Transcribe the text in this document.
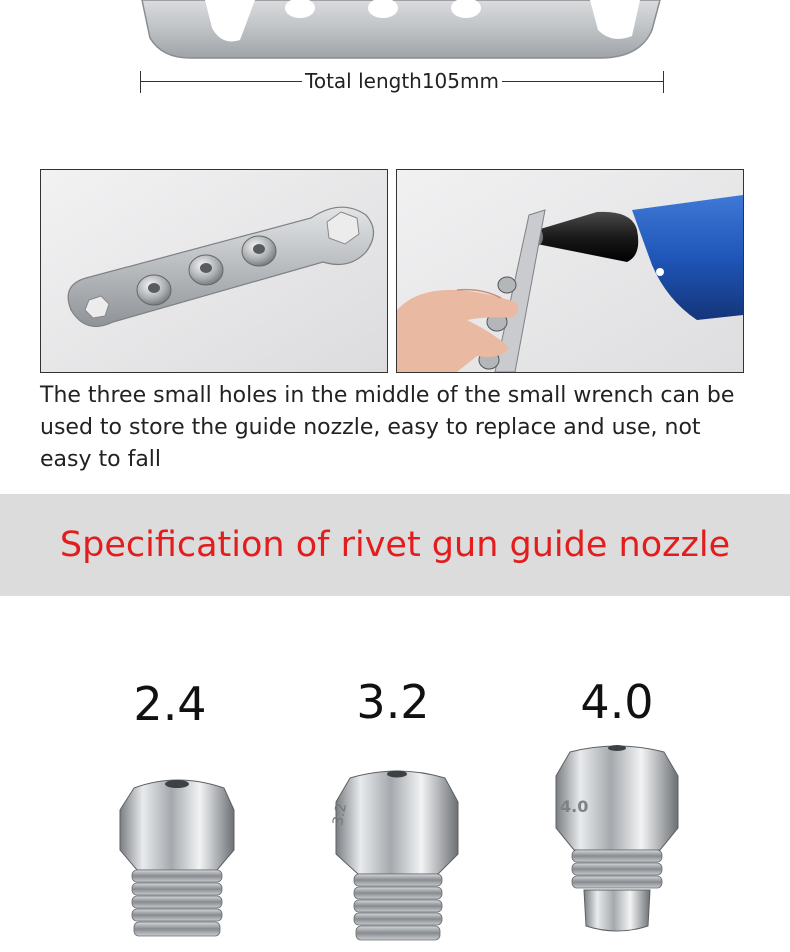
Total length105mm
The three small holes in the middle of the small wrench can be used to store the guide nozzle, easy to replace and use, not easy to fall
Specification of rivet gun guide nozzle
2.4	3.2	4.0
3.2	4.0
